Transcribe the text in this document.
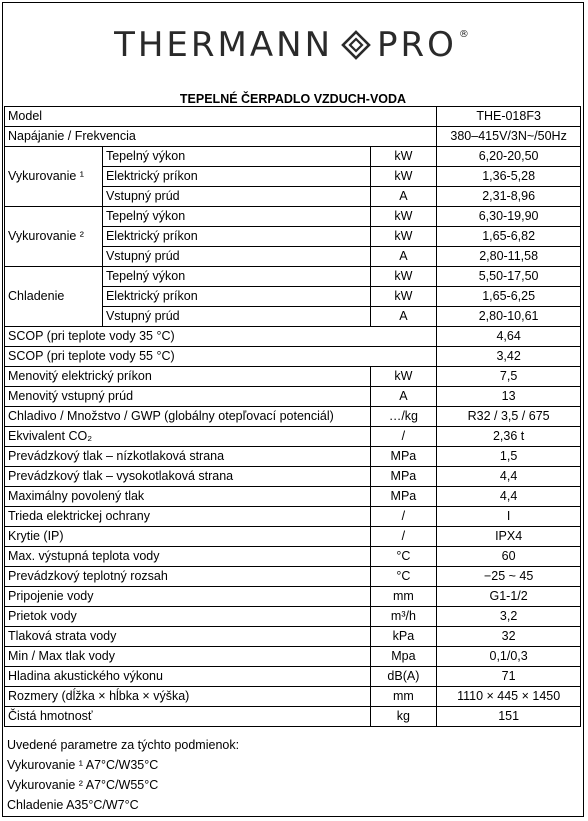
THERMANN PRO ®
TEPELNÉ ČERPADLO VZDUCH-VODA
Model			THE-018F3
Napájanie / Frekvencia			380–415V/3N~/50Hz
Vykurovanie ¹	Tepelný výkon	kW	6,20-20,50
	Elektrický príkon	kW	1,36-5,28
	Vstupný prúd	A	2,31-8,96
Vykurovanie ²	Tepelný výkon	kW	6,30-19,90
	Elektrický príkon	kW	1,65-6,82
	Vstupný prúd	A	2,80-11,58
Chladenie	Tepelný výkon	kW	5,50-17,50
	Elektrický príkon	kW	1,65-6,25
	Vstupný prúd	A	2,80-10,61
SCOP (pri teplote vody 35 °C)			4,64
SCOP (pri teplote vody 55 °C)			3,42
Menovitý elektrický príkon		kW	7,5
Menovitý vstupný prúd		A	13
Chladivo / Množstvo / GWP (globálny otepľovací potenciál)		…/kg	R32 / 3,5 / 675
Ekvivalent CO₂		/	2,36 t
Prevádzkový tlak – nízkotlaková strana		MPa	1,5
Prevádzkový tlak – vysokotlaková strana		MPa	4,4
Maximálny povolený tlak		MPa	4,4
Trieda elektrickej ochrany		/	I
Krytie (IP)		/	IPX4
Max. výstupná teplota vody		°C	60
Prevádzkový teplotný rozsah		°C	−25 ~ 45
Pripojenie vody		mm	G1-1/2
Prietok vody		m³/h	3,2
Tlaková strata vody		kPa	32
Min / Max tlak vody		Mpa	0,1/0,3
Hladina akustického výkonu		dB(A)	71
Rozmery (dĺžka × hĺbka × výška)		mm	1110 × 445 × 1450
Čistá hmotnosť		kg	151
Uvedené parametre za týchto podmienok:
Vykurovanie ¹ A7°C/W35°C
Vykurovanie ² A7°C/W55°C
Chladenie A35°C/W7°C
